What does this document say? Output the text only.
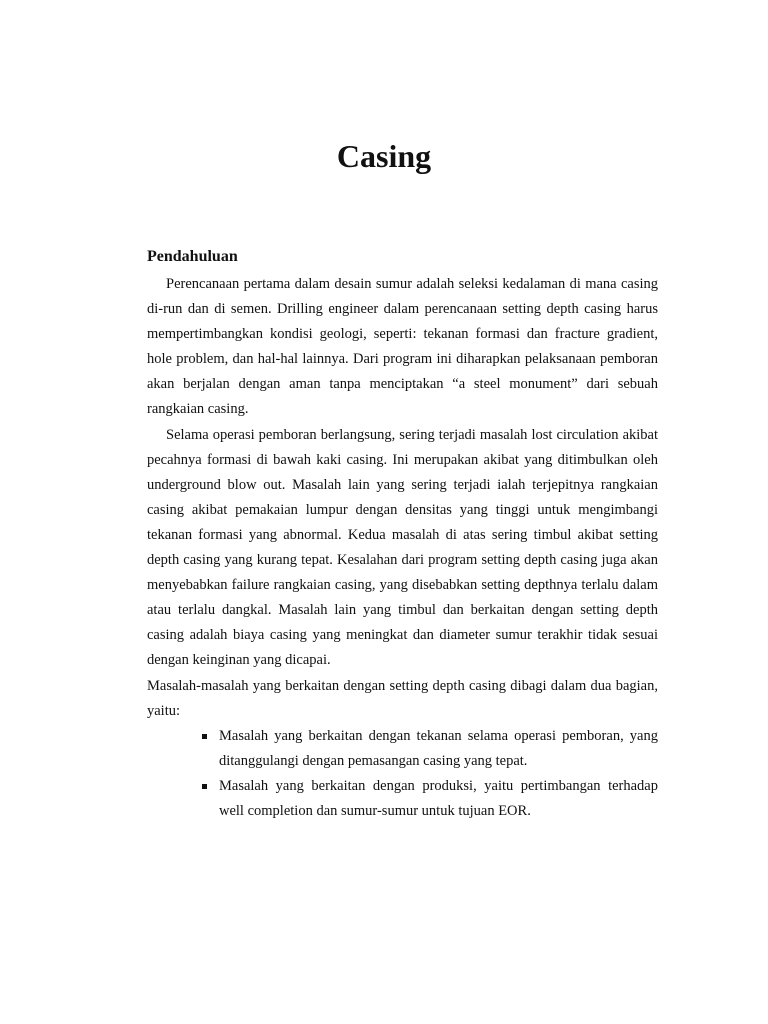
Casing
Pendahuluan

Perencanaan pertama dalam desain sumur adalah seleksi kedalaman di mana casing di-run dan di semen. Drilling engineer dalam perencanaan setting depth casing harus mempertimbangkan kondisi geologi, seperti: tekanan formasi dan fracture gradient, hole problem, dan hal-hal lainnya. Dari program ini diharapkan pelaksanaan pemboran akan berjalan dengan aman tanpa menciptakan “a steel monument” dari sebuah rangkaian casing.

Selama operasi pemboran berlangsung, sering terjadi masalah lost circulation akibat pecahnya formasi di bawah kaki casing. Ini merupakan akibat yang ditimbulkan oleh underground blow out. Masalah lain yang sering terjadi ialah terjepitnya rangkaian casing akibat pemakaian lumpur dengan densitas yang tinggi untuk mengimbangi tekanan formasi yang abnormal. Kedua masalah di atas sering timbul akibat setting depth casing yang kurang tepat. Kesalahan dari program setting depth casing juga akan menyebabkan failure rangkaian casing, yang disebabkan setting depthnya terlalu dalam atau terlalu dangkal. Masalah lain yang timbul dan berkaitan dengan setting depth casing adalah biaya casing yang meningkat dan diameter sumur terakhir tidak sesuai dengan keinginan yang dicapai.

Masalah-masalah yang berkaitan dengan setting depth casing dibagi dalam dua bagian, yaitu:

Masalah yang berkaitan dengan tekanan selama operasi pemboran, yang ditanggulangi dengan pemasangan casing yang tepat.
Masalah yang berkaitan dengan produksi, yaitu pertimbangan terhadap well completion dan sumur-sumur untuk tujuan EOR.
